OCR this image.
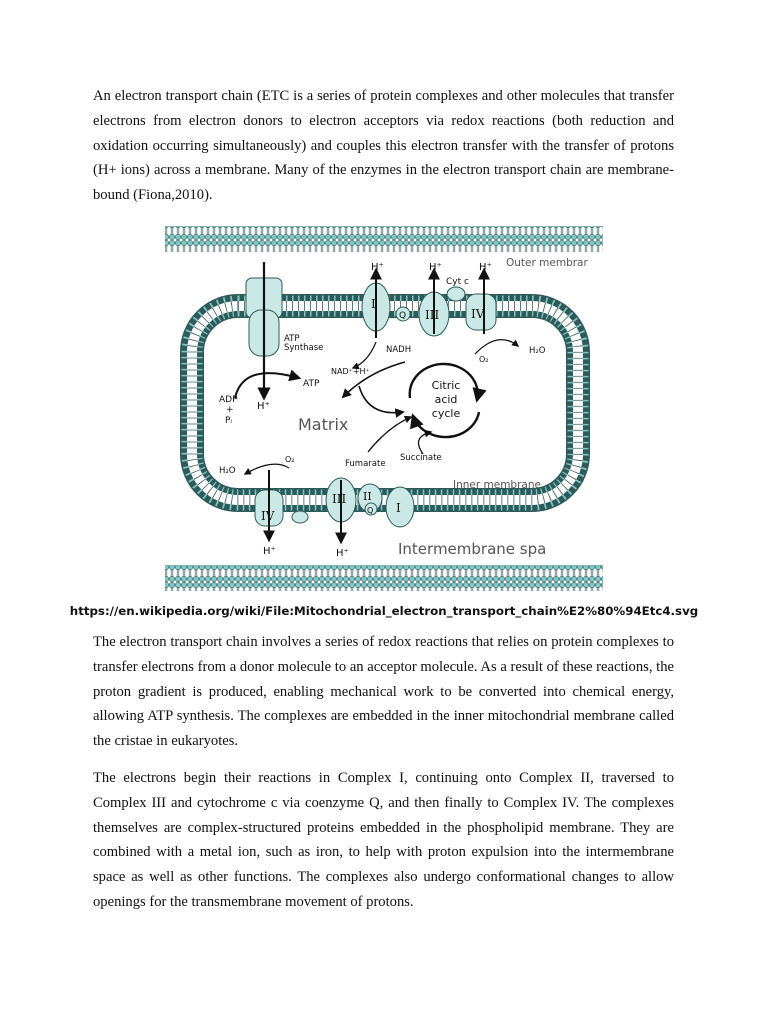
An electron transport chain (ETC is a series of protein complexes and other molecules that transfer electrons from electron donors to electron acceptors via redox reactions (both reduction and oxidation occurring simultaneously) and couples this electron transfer with the transfer of protons (H+ ions) across a membrane. Many of the enzymes in the electron transport chain are membrane-bound (Fiona,2010).

ATP
Synthase
ADP
+
Pᵢ
ATP
H⁺
I
H⁺
Q III
H⁺
Cyt c
IV
H⁺
O₂
H₂O
Outer membrar
NADH
NAD⁺+H⁺
Citric
acid
cycle
Matrix
Fumarate
Succinate
Inner membrane
IV
H⁺
O₂
H₂O
III
H⁺
II
Q I
Intermembrane spa

https://en.wikipedia.org/wiki/File:Mitochondrial_electron_transport_chain%E2%80%94Etc4.svg

The electron transport chain involves a series of redox reactions that relies on protein complexes to transfer electrons from a donor molecule to an acceptor molecule. As a result of these reactions, the proton gradient is produced, enabling mechanical work to be converted into chemical energy, allowing ATP synthesis. The complexes are embedded in the inner mitochondrial membrane called the cristae in eukaryotes.

The electrons begin their reactions in Complex I, continuing onto Complex II, traversed to Complex III and cytochrome c via coenzyme Q, and then finally to Complex IV. The complexes themselves are complex-structured proteins embedded in the phospholipid membrane. They are combined with a metal ion, such as iron, to help with proton expulsion into the intermembrane space as well as other functions. The complexes also undergo conformational changes to allow openings for the transmembrane movement of protons.
